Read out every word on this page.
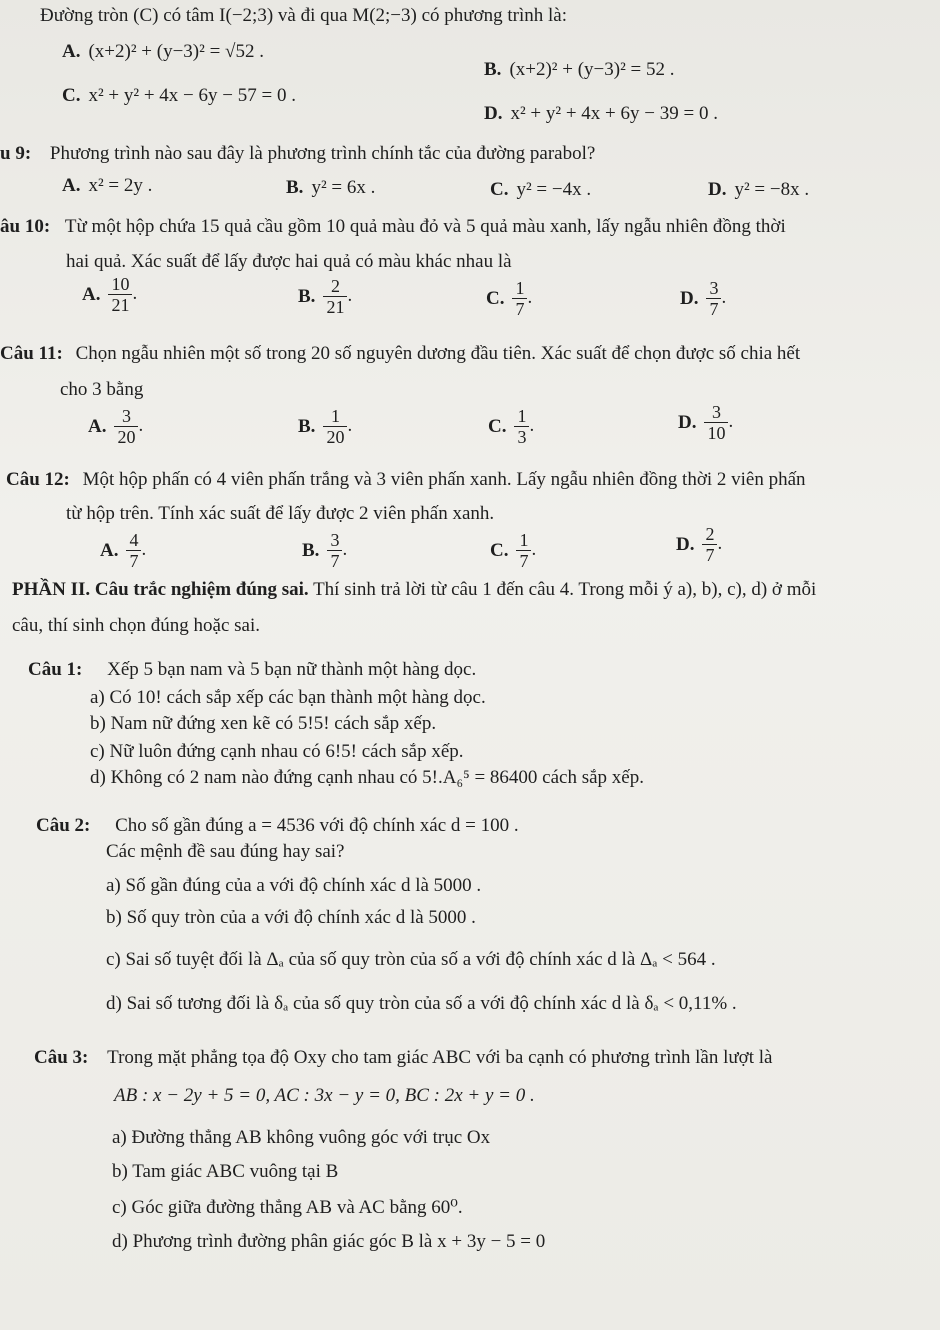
Đường tròn (C) có tâm I(−2;3) và đi qua M(2;−3) có phương trình là:
A. (x+2)² + (y−3)² = √52 .
B. (x+2)² + (y−3)² = 52 .
C. x² + y² + 4x − 6y − 57 = 0 .
D. x² + y² + 4x + 6y − 39 = 0 .
u 9: Phương trình nào sau đây là phương trình chính tắc của đường parabol?
A. x² = 2y .	B. y² = 6x .	C. y² = −4x .	D. y² = −8x .
âu 10: Từ một hộp chứa 15 quả cầu gồm 10 quả màu đỏ và 5 quả màu xanh, lấy ngẫu nhiên đồng thời
hai quả. Xác suất để lấy được hai quả có màu khác nhau là
A. $\frac{10}{21}$ .	B. $\frac{2}{21}$ .	C. $\frac{1}{7}$ .	D. $\frac{3}{7}$ .
Câu 11: Chọn ngẫu nhiên một số trong 20 số nguyên dương đầu tiên. Xác suất để chọn được số chia hết
cho 3 bằng
A. $\frac{3}{20}$ .	B. $\frac{1}{20}$ .	C. $\frac{1}{3}$ .	D. $\frac{3}{10}$ .
Câu 12: Một hộp phấn có 4 viên phấn trắng và 3 viên phấn xanh. Lấy ngẫu nhiên đồng thời 2 viên phấn
từ hộp trên. Tính xác suất để lấy được 2 viên phấn xanh.
A. $\frac{4}{7}$ .	B. $\frac{3}{7}$ .	C. $\frac{1}{7}$ .	D. $\frac{2}{7}$ .
PHẦN II. Câu trắc nghiệm đúng sai. Thí sinh trả lời từ câu 1 đến câu 4. Trong mỗi ý a), b), c), d) ở mỗi
câu, thí sinh chọn đúng hoặc sai.
Câu 1: Xếp 5 bạn nam và 5 bạn nữ thành một hàng dọc.
a) Có 10! cách sắp xếp các bạn thành một hàng dọc.
b) Nam nữ đứng xen kẽ có 5!5! cách sắp xếp.
c) Nữ luôn đứng cạnh nhau có 6!5! cách sắp xếp.
d) Không có 2 nam nào đứng cạnh nhau có 5!.A₆⁵ = 86400 cách sắp xếp.
Câu 2: Cho số gần đúng a = 4536 với độ chính xác d = 100 .
Các mệnh đề sau đúng hay sai?
a) Số gần đúng của a với độ chính xác d là 5000 .
b) Số quy tròn của a với độ chính xác d là 5000 .
c) Sai số tuyệt đối là Δₐ của số quy tròn của số a với độ chính xác d là Δₐ < 564 .
d) Sai số tương đối là δₐ của số quy tròn của số a với độ chính xác d là δₐ < 0,11% .
Câu 3: Trong mặt phẳng tọa độ Oxy cho tam giác ABC với ba cạnh có phương trình lần lượt là
AB : x − 2y + 5 = 0, AC : 3x − y = 0, BC : 2x + y = 0 .
a) Đường thẳng AB không vuông góc với trục Ox
b) Tam giác ABC vuông tại B
c) Góc giữa đường thẳng AB và AC bằng 60⁰.
d) Phương trình đường phân giác góc B là x + 3y − 5 = 0
